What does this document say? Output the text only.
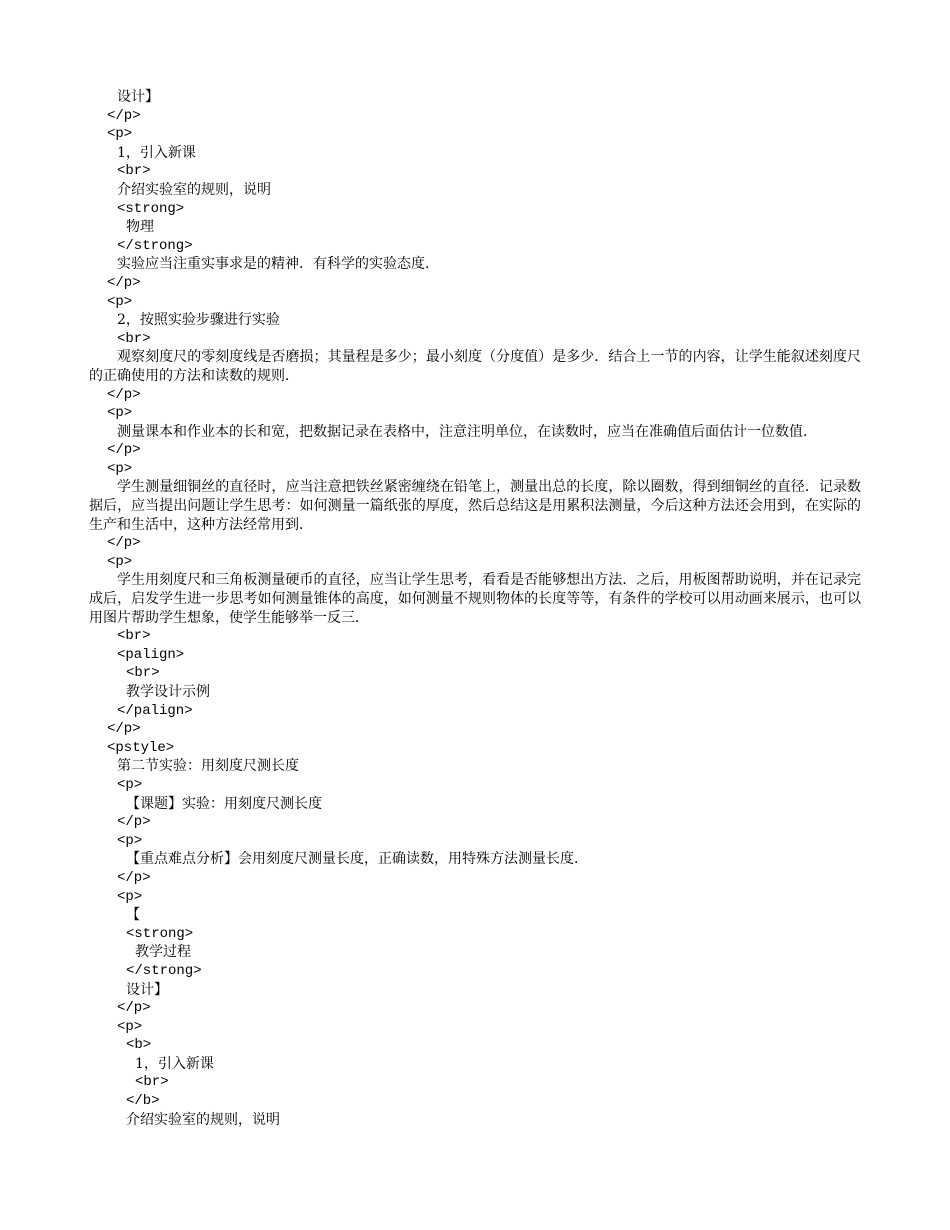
设计】
</p>
<p>
1，引入新课
<br>
介绍实验室的规则，说明
<strong>
物理
</strong>
实验应当注重实事求是的精神．有科学的实验态度．
</p>
<p>
2，按照实验步骤进行实验
<br>
观察刻度尺的零刻度线是否磨损；其量程是多少；最小刻度（分度值）是多少．结合上一节的内容，让学生能叙述刻度尺的正确使用的方法和读数的规则．
</p>
<p>
测量课本和作业本的长和宽，把数据记录在表格中，注意注明单位，在读数时，应当在准确值后面估计一位数值．
</p>
<p>
学生测量细铜丝的直径时，应当注意把铁丝紧密缠绕在铅笔上，测量出总的长度，除以圈数，得到细铜丝的直径．记录数据后，应当提出问题让学生思考：如何测量一篇纸张的厚度，然后总结这是用累积法测量，今后这种方法还会用到，在实际的生产和生活中，这种方法经常用到．
</p>
<p>
学生用刻度尺和三角板测量硬币的直径，应当让学生思考，看看是否能够想出方法．之后，用板图帮助说明，并在记录完成后，启发学生进一步思考如何测量锥体的高度，如何测量不规则物体的长度等等，有条件的学校可以用动画来展示，也可以用图片帮助学生想象，使学生能够举一反三．
<br>
<palign>
<br>
教学设计示例
</palign>
</p>
<pstyle>
第二节实验：用刻度尺测长度
<p>
【课题】实验：用刻度尺测长度
</p>
<p>
【重点难点分析】会用刻度尺测量长度，正确读数，用特殊方法测量长度．
</p>
<p>
【
<strong>
教学过程
</strong>
设计】
</p>
<p>
<b>
1，引入新课
<br>
</b>
介绍实验室的规则，说明
